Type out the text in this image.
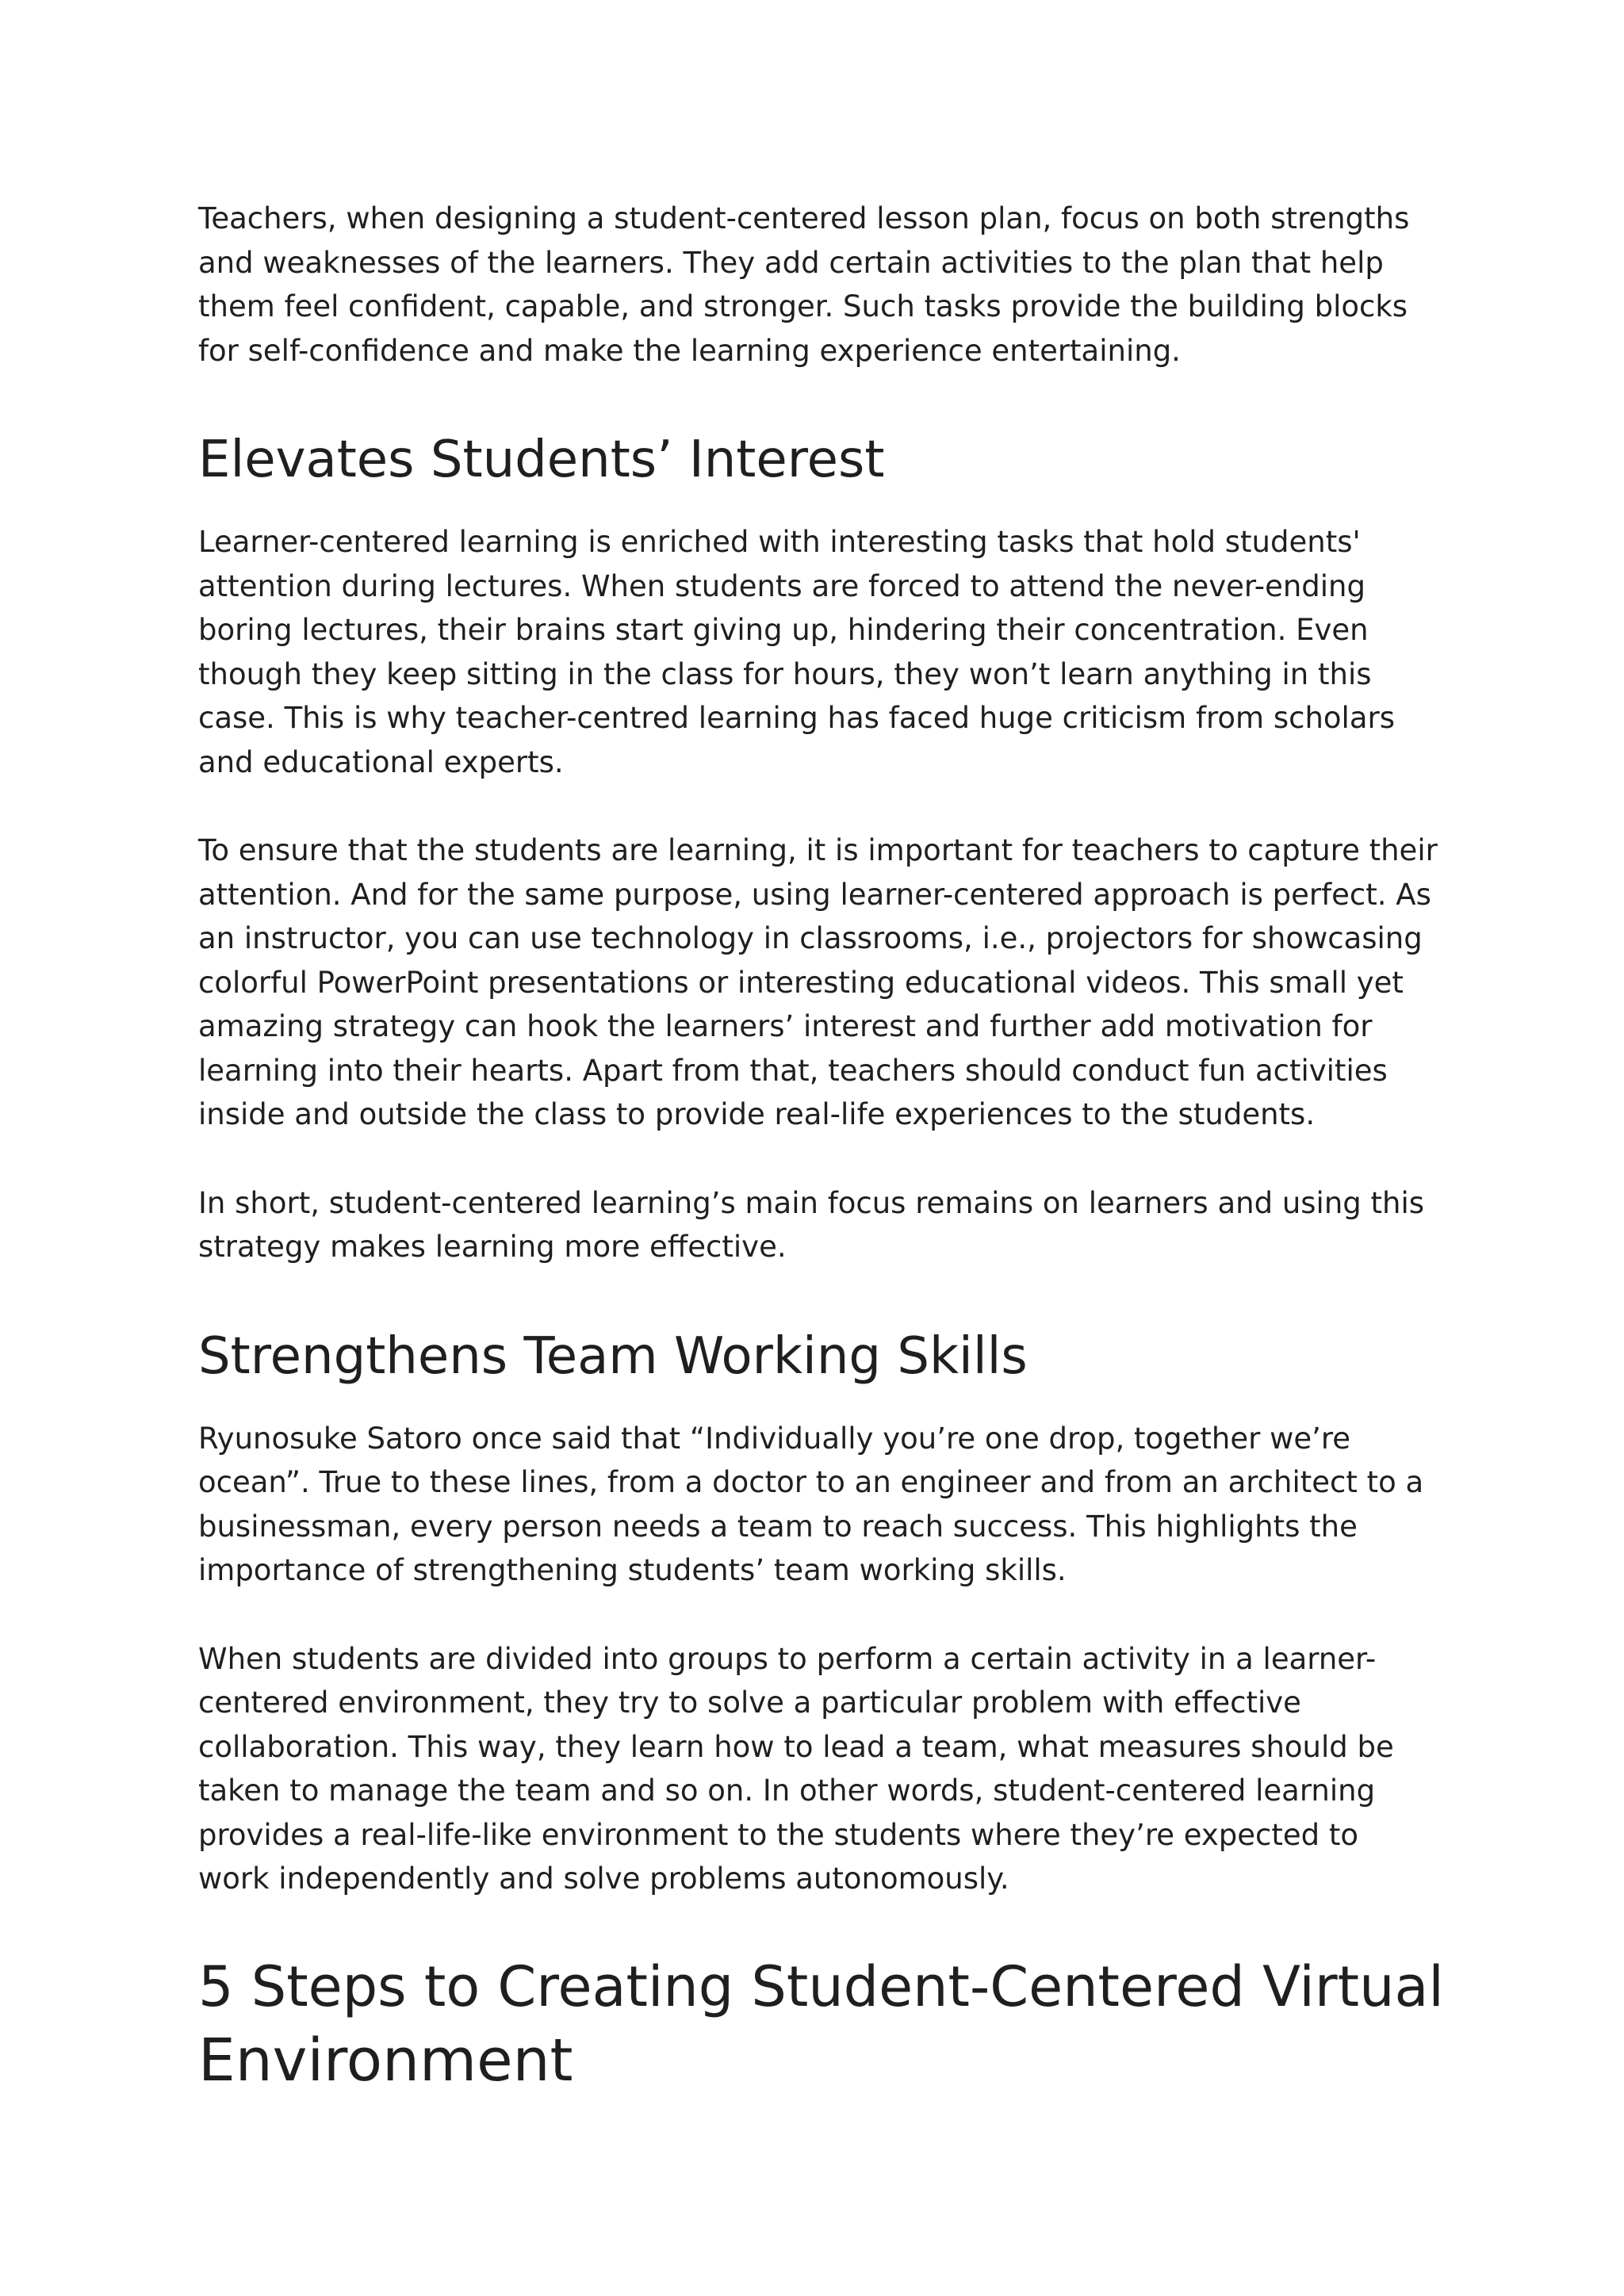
Teachers, when designing a student-centered lesson plan, focus on both strengths
and weaknesses of the learners. They add certain activities to the plan that help
them feel confident, capable, and stronger. Such tasks provide the building blocks
for self-confidence and make the learning experience entertaining.

Elevates Students’ Interest

Learner-centered learning is enriched with interesting tasks that hold students'
attention during lectures. When students are forced to attend the never-ending
boring lectures, their brains start giving up, hindering their concentration. Even
though they keep sitting in the class for hours, they won’t learn anything in this
case. This is why teacher-centred learning has faced huge criticism from scholars
and educational experts.

To ensure that the students are learning, it is important for teachers to capture their
attention. And for the same purpose, using learner-centered approach is perfect. As
an instructor, you can use technology in classrooms, i.e., projectors for showcasing
colorful PowerPoint presentations or interesting educational videos. This small yet
amazing strategy can hook the learners’ interest and further add motivation for
learning into their hearts. Apart from that, teachers should conduct fun activities
inside and outside the class to provide real-life experiences to the students.

In short, student-centered learning’s main focus remains on learners and using this
strategy makes learning more effective.

Strengthens Team Working Skills

Ryunosuke Satoro once said that “Individually you’re one drop, together we’re
ocean”. True to these lines, from a doctor to an engineer and from an architect to a
businessman, every person needs a team to reach success. This highlights the
importance of strengthening students’ team working skills.

When students are divided into groups to perform a certain activity in a learner-
centered environment, they try to solve a particular problem with effective
collaboration. This way, they learn how to lead a team, what measures should be
taken to manage the team and so on. In other words, student-centered learning
provides a real-life-like environment to the students where they’re expected to
work independently and solve problems autonomously.

5 Steps to Creating Student-Centered Virtual
Environment
